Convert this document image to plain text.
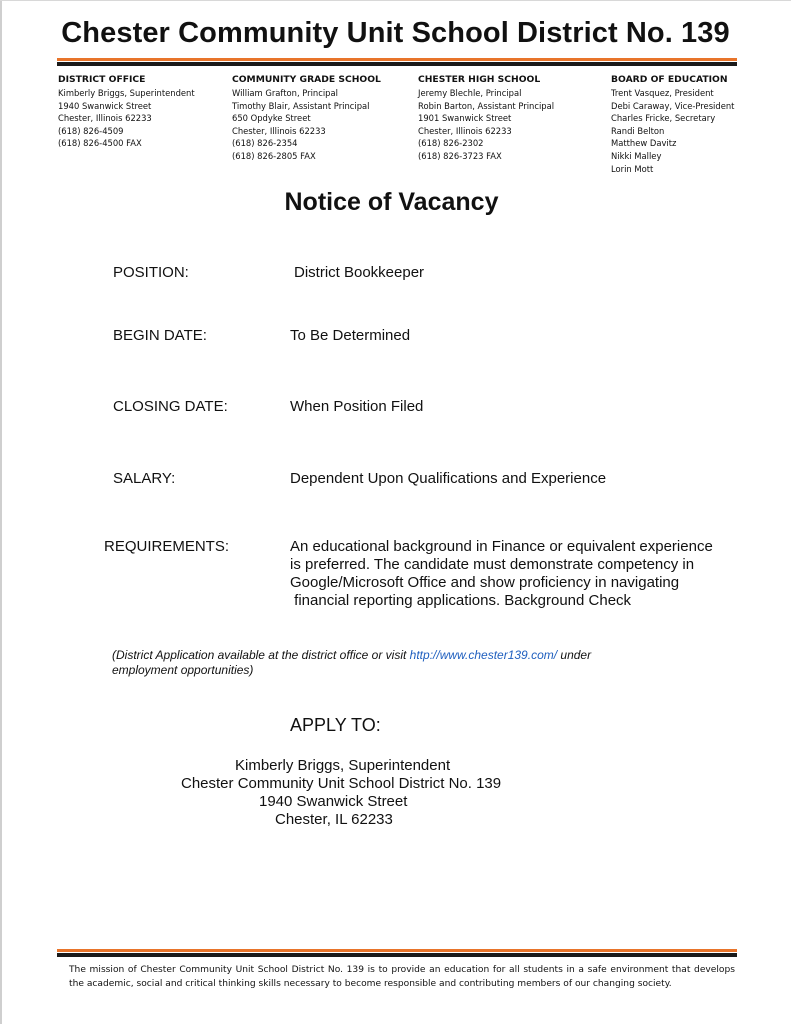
Chester Community Unit School District No. 139
DISTRICT OFFICE
Kimberly Briggs, Superintendent
1940 Swanwick Street
Chester, Illinois 62233
(618) 826-4509
(618) 826-4500 FAX
COMMUNITY GRADE SCHOOL
William Grafton, Principal
Timothy Blair, Assistant Principal
650 Opdyke Street
Chester, Illinois 62233
(618) 826-2354
(618) 826-2805 FAX
CHESTER HIGH SCHOOL
Jeremy Blechle, Principal
Robin Barton, Assistant Principal
1901 Swanwick Street
Chester, Illinois 62233
(618) 826-2302
(618) 826-3723 FAX
BOARD OF EDUCATION
Trent Vasquez, President
Debi Caraway, Vice-President
Charles Fricke, Secretary
Randi Belton
Matthew Davitz
Nikki Malley
Lorin Mott
Notice of Vacancy
POSITION:	District Bookkeeper
BEGIN DATE:	To Be Determined
CLOSING DATE:	When Position Filed
SALARY:	Dependent Upon Qualifications and Experience
REQUIREMENTS:	An educational background in Finance or equivalent experience
is preferred. The candidate must demonstrate competency in
Google/Microsoft Office and show proficiency in navigating
financial reporting applications. Background Check
(District Application available at the district office or visit http://www.chester139.com/ under
employment opportunities)
APPLY TO:
Kimberly Briggs, Superintendent
Chester Community Unit School District No. 139
1940 Swanwick Street
Chester, IL 62233
The mission of Chester Community Unit School District No. 139 is to provide an education for all students in a safe environment that develops the academic, social and critical thinking skills necessary to become responsible and contributing members of our changing society.
